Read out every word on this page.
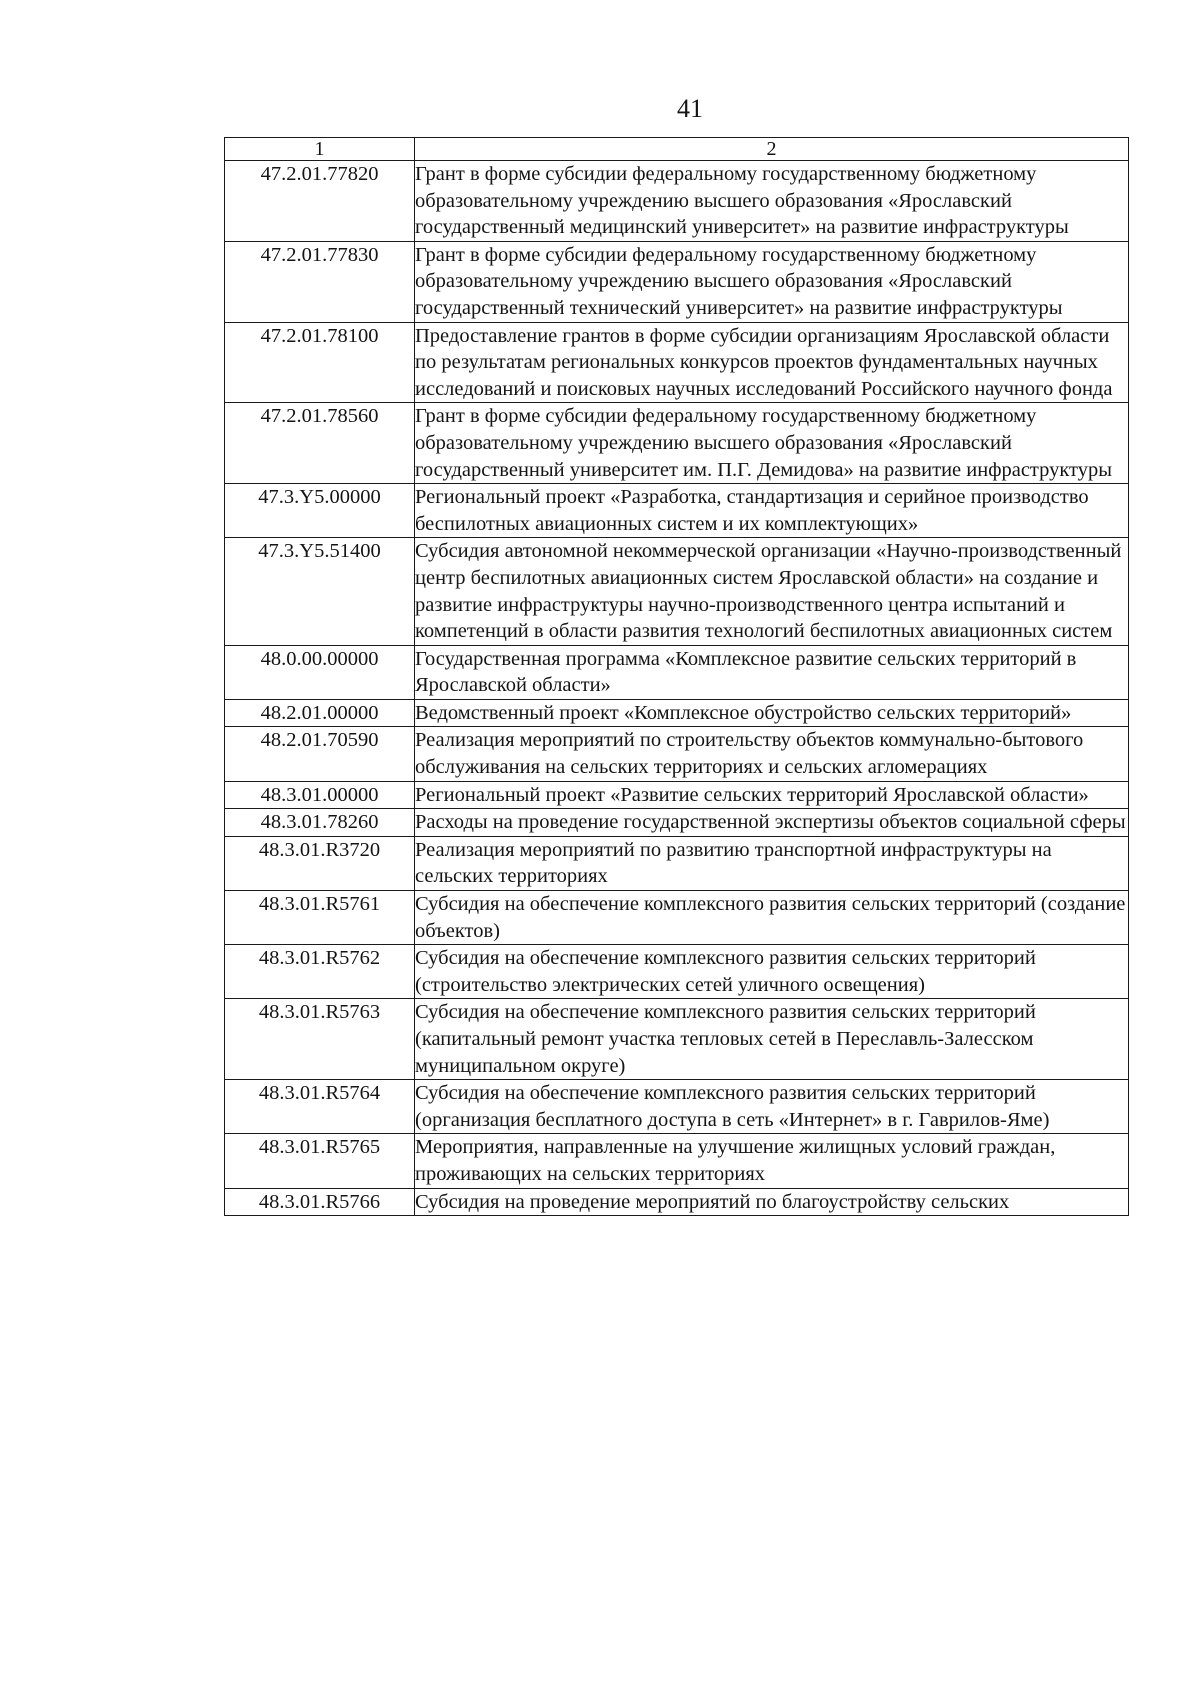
41
1	2
47.2.01.77820	Грант в форме субсидии федеральному государственному бюджетному образовательному учреждению высшего образования «Ярославский государственный медицинский университет» на развитие инфраструктуры
47.2.01.77830	Грант в форме субсидии федеральному государственному бюджетному образовательному учреждению высшего образования «Ярославский государственный технический университет» на развитие инфраструктуры
47.2.01.78100	Предоставление грантов в форме субсидии организациям Ярославской области по результатам региональных конкурсов проектов фундаментальных научных исследований и поисковых научных исследований Российского научного фонда
47.2.01.78560	Грант в форме субсидии федеральному государственному бюджетному образовательному учреждению высшего образования «Ярославский государственный университет им. П.Г. Демидова» на развитие инфраструктуры
47.3.Y5.00000	Региональный проект «Разработка, стандартизация и серийное производство беспилотных авиационных систем и их комплектующих»
47.3.Y5.51400	Субсидия автономной некоммерческой организации «Научно-производственный центр беспилотных авиационных систем Ярославской области» на создание и развитие инфраструктуры научно-производственного центра испытаний и компетенций в области развития технологий беспилотных авиационных систем
48.0.00.00000	Государственная программа «Комплексное развитие сельских территорий в Ярославской области»
48.2.01.00000	Ведомственный проект «Комплексное обустройство сельских территорий»
48.2.01.70590	Реализация мероприятий по строительству объектов коммунально-бытового обслуживания на сельских территориях и сельских агломерациях
48.3.01.00000	Региональный проект «Развитие сельских территорий Ярославской области»
48.3.01.78260	Расходы на проведение государственной экспертизы объектов социальной сферы
48.3.01.R3720	Реализация мероприятий по развитию транспортной инфраструктуры на сельских территориях
48.3.01.R5761	Субсидия на обеспечение комплексного развития сельских территорий (создание объектов)
48.3.01.R5762	Субсидия на обеспечение комплексного развития сельских территорий (строительство электрических сетей уличного освещения)
48.3.01.R5763	Субсидия на обеспечение комплексного развития сельских территорий (капитальный ремонт участка тепловых сетей в Переславль-Залесском муниципальном округе)
48.3.01.R5764	Субсидия на обеспечение комплексного развития сельских территорий (организация бесплатного доступа в сеть «Интернет» в г. Гаврилов-Яме)
48.3.01.R5765	Мероприятия, направленные на улучшение жилищных условий граждан, проживающих на сельских территориях
48.3.01.R5766	Субсидия на проведение мероприятий по благоустройству сельских
